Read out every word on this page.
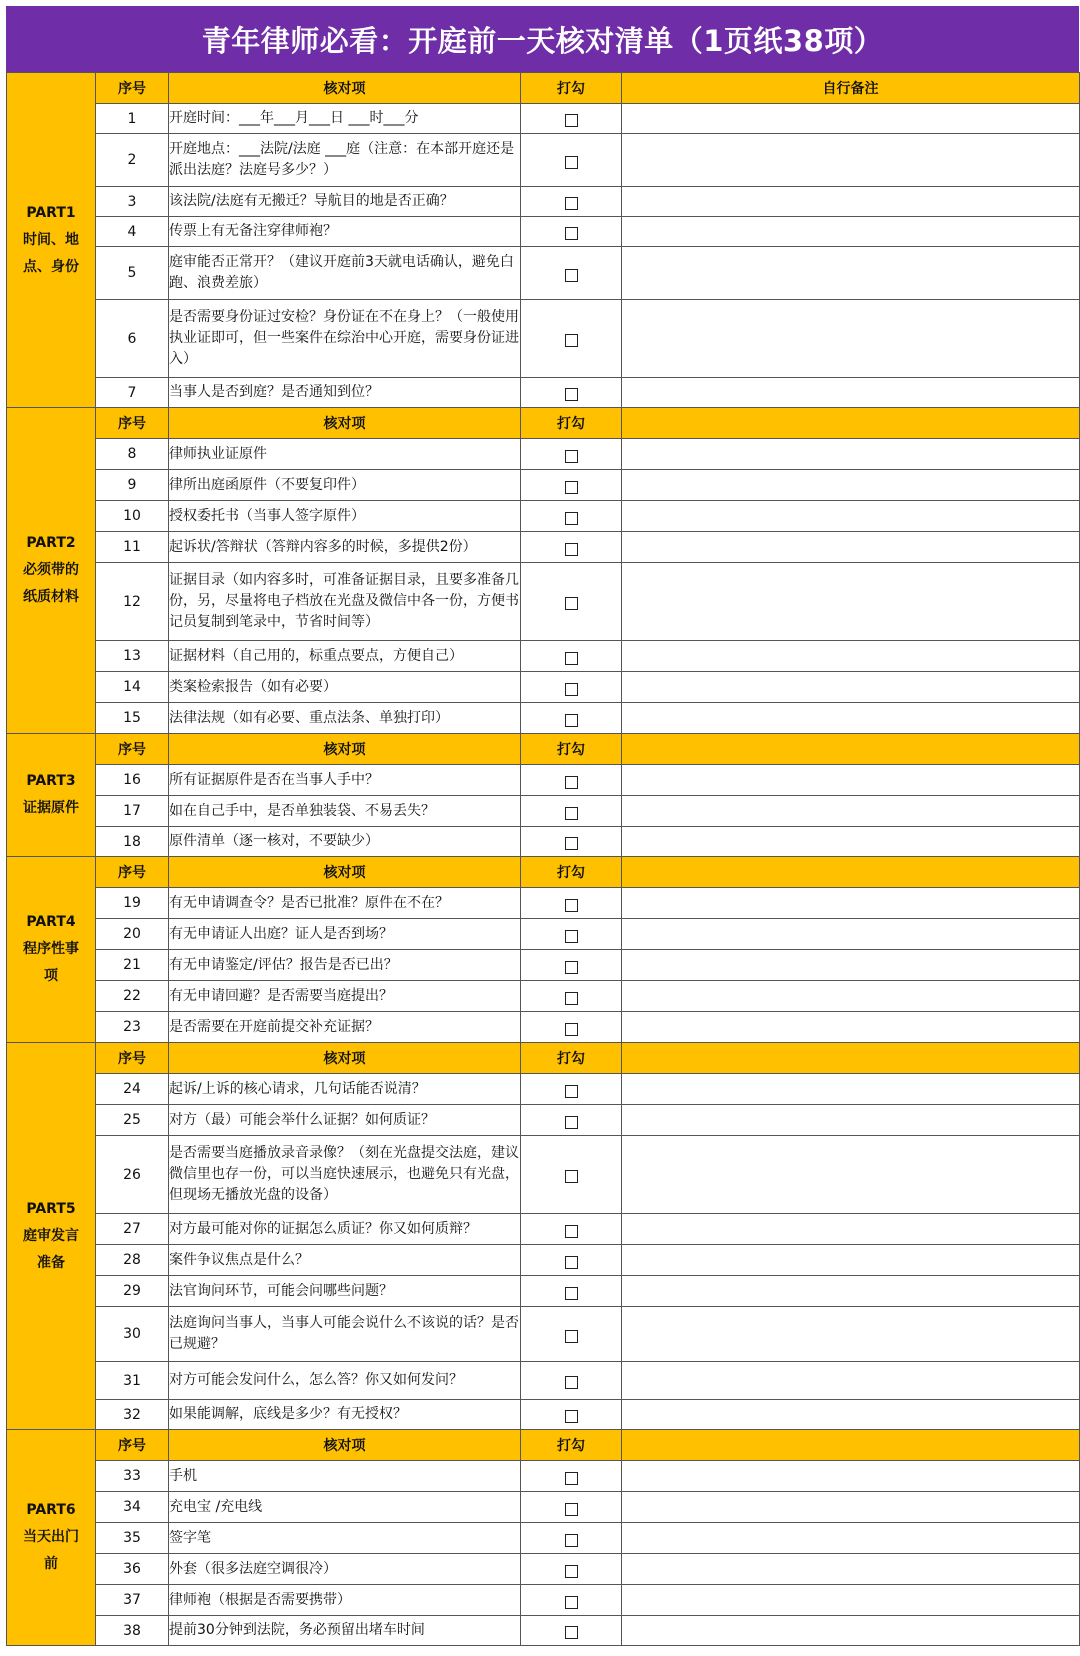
青年律师必看：开庭前一天核对清单（1页纸38项）
PART1
时间、地
点、身份	序号	核对项	打勾	自行备注
	1	开庭时间：___年___月___日 ___时___分		
	2	开庭地点：___法院/法庭 ___庭（注意：在本部开庭还是派出法庭？法庭号多少？）		
	3	该法院/法庭有无搬迁？导航目的地是否正确？		
	4	传票上有无备注穿律师袍？		
	5	庭审能否正常开？（建议开庭前3天就电话确认，避免白跑、浪费差旅）		
	6	是否需要身份证过安检？身份证在不在身上？（一般使用执业证即可，但一些案件在综治中心开庭，需要身份证进入）		
	7	当事人是否到庭？是否通知到位？		
PART2
必须带的
纸质材料	序号	核对项	打勾	
	8	律师执业证原件		
	9	律所出庭函原件（不要复印件）		
	10	授权委托书（当事人签字原件）		
	11	起诉状/答辩状（答辩内容多的时候，多提供2份）		
	12	证据目录（如内容多时，可准备证据目录，且要多准备几份，另，尽量将电子档放在光盘及微信中各一份，方便书记员复制到笔录中，节省时间等）		
	13	证据材料（自己用的，标重点要点，方便自己）		
	14	类案检索报告（如有必要）		
	15	法律法规（如有必要、重点法条、单独打印）		
PART3
证据原件	序号	核对项	打勾	
	16	所有证据原件是否在当事人手中？		
	17	如在自己手中，是否单独装袋、不易丢失？		
	18	原件清单（逐一核对，不要缺少）		
PART4
程序性事
项	序号	核对项	打勾	
	19	有无申请调查令？是否已批准？原件在不在？		
	20	有无申请证人出庭？证人是否到场？		
	21	有无申请鉴定/评估？报告是否已出？		
	22	有无申请回避？是否需要当庭提出？		
	23	是否需要在开庭前提交补充证据？		
PART5
庭审发言
准备	序号	核对项	打勾	
	24	起诉/上诉的核心请求，几句话能否说清？		
	25	对方（最）可能会举什么证据？如何质证？		
	26	是否需要当庭播放录音录像？（刻在光盘提交法庭，建议微信里也存一份，可以当庭快速展示，也避免只有光盘，但现场无播放光盘的设备）		
	27	对方最可能对你的证据怎么质证？你又如何质辩？		
	28	案件争议焦点是什么？		
	29	法官询问环节，可能会问哪些问题？		
	30	法庭询问当事人，当事人可能会说什么不该说的话？是否已规避？		
	31	对方可能会发问什么，怎么答？你又如何发问？		
	32	如果能调解，底线是多少？有无授权？		
PART6
当天出门
前	序号	核对项	打勾	
	33	手机		
	34	充电宝 /充电线		
	35	签字笔		
	36	外套（很多法庭空调很冷）		
	37	律师袍（根据是否需要携带）		
	38	提前30分钟到法院，务必预留出堵车时间		
